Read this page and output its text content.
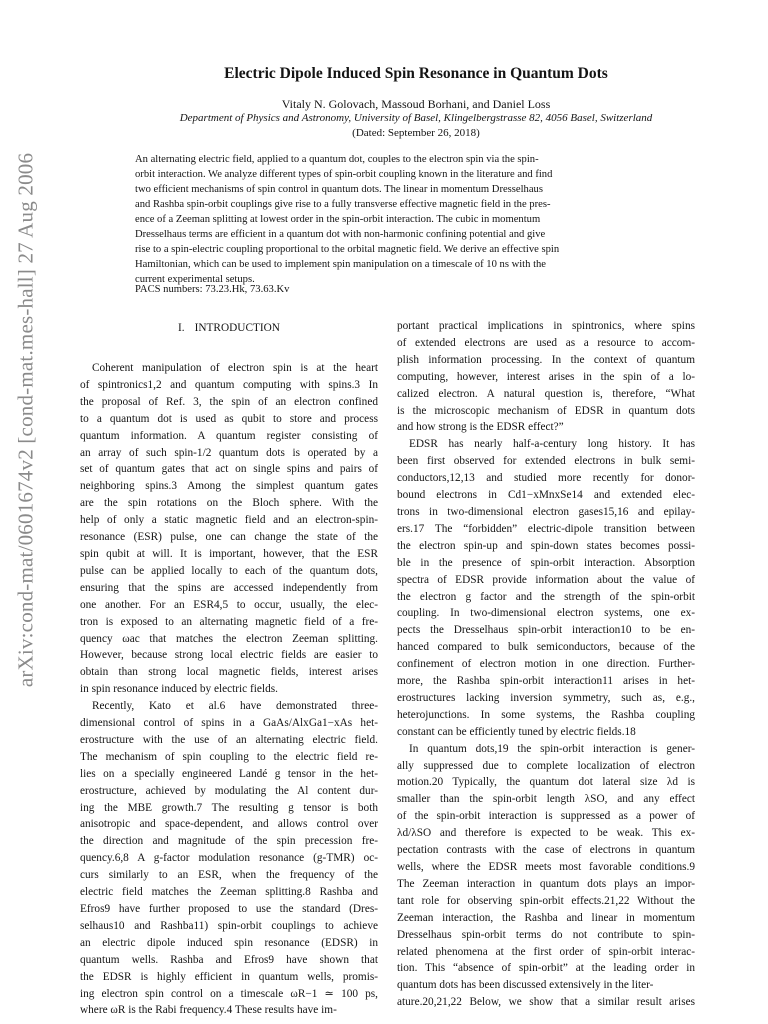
arXiv:cond-mat/0601674v2 [cond-mat.mes-hall] 27 Aug 2006
Electric Dipole Induced Spin Resonance in Quantum Dots
Vitaly N. Golovach, Massoud Borhani, and Daniel Loss
Department of Physics and Astronomy, University of Basel, Klingelbergstrasse 82, 4056 Basel, Switzerland
(Dated: September 26, 2018)
An alternating electric field, applied to a quantum dot, couples to the electron spin via the spin-
orbit interaction. We analyze different types of spin-orbit coupling known in the literature and find
two efficient mechanisms of spin control in quantum dots. The linear in momentum Dresselhaus
and Rashba spin-orbit couplings give rise to a fully transverse effective magnetic field in the pres-
ence of a Zeeman splitting at lowest order in the spin-orbit interaction. The cubic in momentum
Dresselhaus terms are efficient in a quantum dot with non-harmonic confining potential and give
rise to a spin-electric coupling proportional to the orbital magnetic field. We derive an effective spin
Hamiltonian, which can be used to implement spin manipulation on a timescale of 10 ns with the
current experimental setups.
PACS numbers: 73.23.Hk, 73.63.Kv
I. INTRODUCTION
Coherent manipulation of electron spin is at the heart
of spintronics1,2 and quantum computing with spins.3 In
the proposal of Ref. 3, the spin of an electron confined
to a quantum dot is used as qubit to store and process
quantum information. A quantum register consisting of
an array of such spin-1/2 quantum dots is operated by a
set of quantum gates that act on single spins and pairs of
neighboring spins.3 Among the simplest quantum gates
are the spin rotations on the Bloch sphere. With the
help of only a static magnetic field and an electron-spin-
resonance (ESR) pulse, one can change the state of the
spin qubit at will. It is important, however, that the ESR
pulse can be applied locally to each of the quantum dots,
ensuring that the spins are accessed independently from
one another. For an ESR4,5 to occur, usually, the elec-
tron is exposed to an alternating magnetic field of a fre-
quency ωac that matches the electron Zeeman splitting.
However, because strong local electric fields are easier to
obtain than strong local magnetic fields, interest arises
in spin resonance induced by electric fields.
Recently, Kato et al.6 have demonstrated three-
dimensional control of spins in a GaAs/AlxGa1−xAs het-
erostructure with the use of an alternating electric field.
The mechanism of spin coupling to the electric field re-
lies on a specially engineered Landé g tensor in the het-
erostructure, achieved by modulating the Al content dur-
ing the MBE growth.7 The resulting g tensor is both
anisotropic and space-dependent, and allows control over
the direction and magnitude of the spin precession fre-
quency.6,8 A g-factor modulation resonance (g-TMR) oc-
curs similarly to an ESR, when the frequency of the
electric field matches the Zeeman splitting.8 Rashba and
Efros9 have further proposed to use the standard (Dres-
selhaus10 and Rashba11) spin-orbit couplings to achieve
an electric dipole induced spin resonance (EDSR) in
quantum wells. Rashba and Efros9 have shown that
the EDSR is highly efficient in quantum wells, promis-
ing electron spin control on a timescale ωR−1 ≃ 100 ps,
where ωR is the Rabi frequency.4 These results have im-
portant practical implications in spintronics, where spins
of extended electrons are used as a resource to accom-
plish information processing. In the context of quantum
computing, however, interest arises in the spin of a lo-
calized electron. A natural question is, therefore, “What
is the microscopic mechanism of EDSR in quantum dots
and how strong is the EDSR effect?”
EDSR has nearly half-a-century long history. It has
been first observed for extended electrons in bulk semi-
conductors,12,13 and studied more recently for donor-
bound electrons in Cd1−xMnxSe14 and extended elec-
trons in two-dimensional electron gases15,16 and epilay-
ers.17 The “forbidden” electric-dipole transition between
the electron spin-up and spin-down states becomes possi-
ble in the presence of spin-orbit interaction. Absorption
spectra of EDSR provide information about the value of
the electron g factor and the strength of the spin-orbit
coupling. In two-dimensional electron systems, one ex-
pects the Dresselhaus spin-orbit interaction10 to be en-
hanced compared to bulk semiconductors, because of the
confinement of electron motion in one direction. Further-
more, the Rashba spin-orbit interaction11 arises in het-
erostructures lacking inversion symmetry, such as, e.g.,
heterojunctions. In some systems, the Rashba coupling
constant can be efficiently tuned by electric fields.18
In quantum dots,19 the spin-orbit interaction is gener-
ally suppressed due to complete localization of electron
motion.20 Typically, the quantum dot lateral size λd is
smaller than the spin-orbit length λSO, and any effect
of the spin-orbit interaction is suppressed as a power of
λd/λSO and therefore is expected to be weak. This ex-
pectation contrasts with the case of electrons in quantum
wells, where the EDSR meets most favorable conditions.9
The Zeeman interaction in quantum dots plays an impor-
tant role for observing spin-orbit effects.21,22 Without the
Zeeman interaction, the Rashba and linear in momentum
Dresselhaus spin-orbit terms do not contribute to spin-
related phenomena at the first order of spin-orbit interac-
tion. This “absence of spin-orbit” at the leading order in
quantum dots has been discussed extensively in the liter-
ature.20,21,22 Below, we show that a similar result arises
